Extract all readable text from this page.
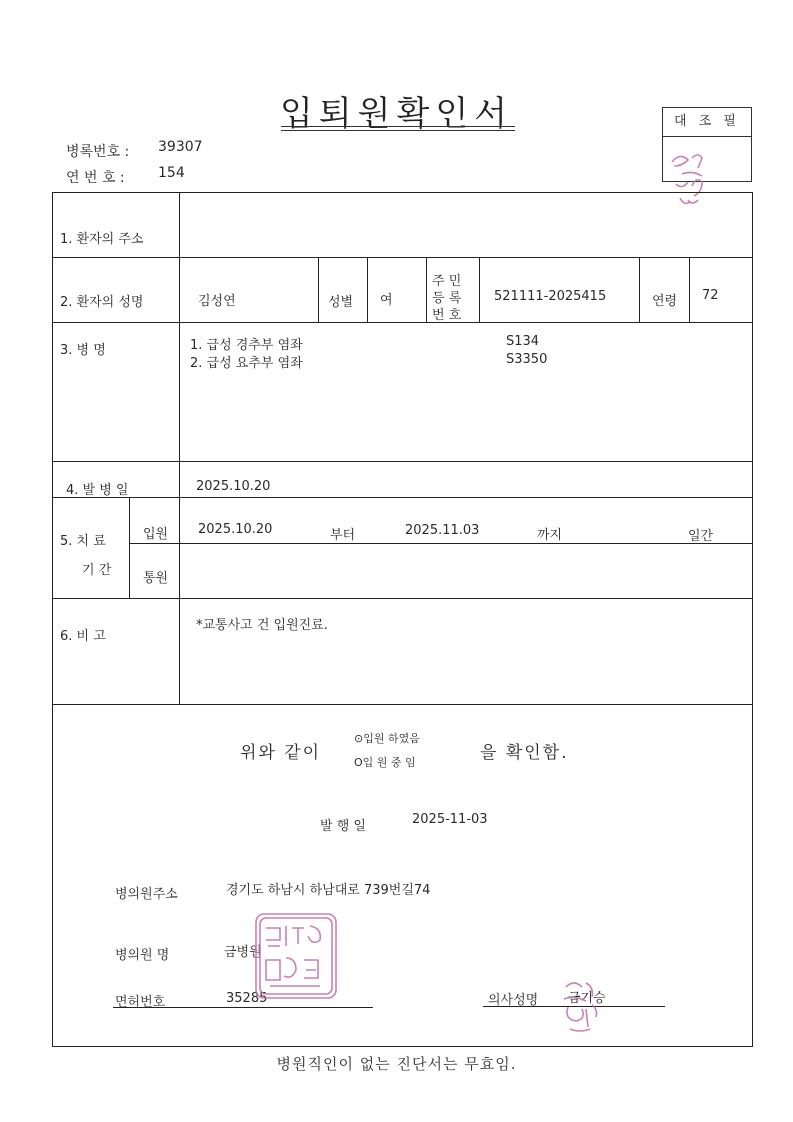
입퇴원확인서
병록번호 : 39307
연 번 호 : 154
대 조 필
1. 환자의 주소
2. 환자의 성명	김성연	성별 여
주 민
등 록
번 호
521111-2025415	연령 72
3. 병 명	1. 급성 경추부 염좌	S134
2. 급성 요추부 염좌	S3350
4. 발 병 일	2025.10.20
5. 치 료
기 간
입원 2025.10.20	부터	2025.11.03	까지	일간
통원
6. 비 고
*교통사고 건 입원진료.
위와 같이
⊙입원 하였음
O입 원 중 임	을 확인함.
발 행 일	2025-11-03
병의원주소	경기도 하남시 하남대로 739번길74
병의원 명	금병원
면허번호	35285	의사성명 금기승
병원직인이 없는 진단서는 무효임.
